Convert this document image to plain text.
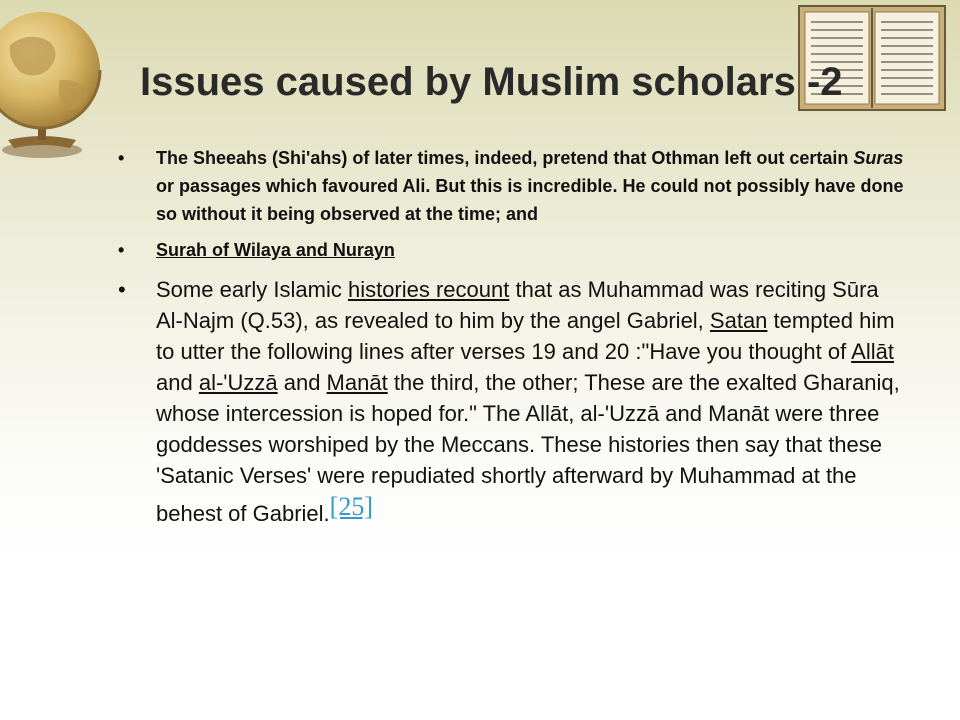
Issues caused by Muslim scholars -2
• The Sheeahs (Shi'ahs) of later times, indeed, pretend that Othman left out certain Suras or passages which favoured Ali. But this is incredible. He could not possibly have done so without it being observed at the time; and
• Surah of Wilaya and Nurayn
• Some early Islamic histories recount that as Muhammad was reciting Sūra Al-Najm (Q.53), as revealed to him by the angel Gabriel, Satan tempted him to utter the following lines after verses 19 and 20 :"Have you thought of Allāt and al-'Uzzā and Manāt the third, the other; These are the exalted Gharaniq, whose intercession is hoped for." The Allāt, al-'Uzzā and Manāt were three goddesses worshiped by the Meccans. These histories then say that these 'Satanic Verses' were repudiated shortly afterward by Muhammad at the behest of Gabriel.[25]
